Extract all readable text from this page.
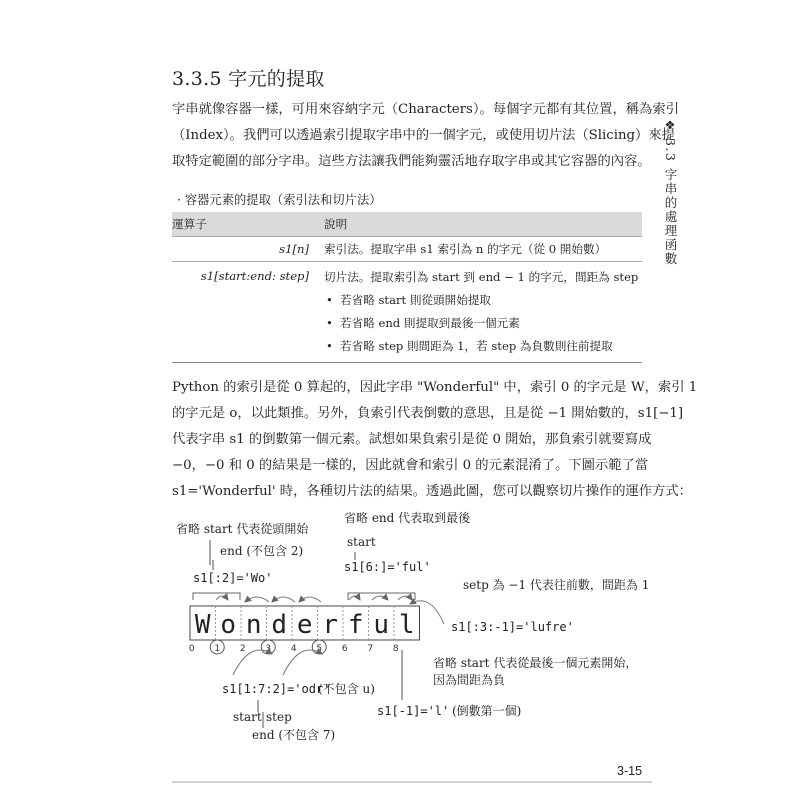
3.3.5 字元的提取
字串就像容器一樣，可用來容納字元（Characters）。每個字元都有其位置，稱為索引
（Index）。我們可以透過索引提取字串中的一個字元，或使用切片法（Slicing）來提
取特定範圍的部分字串。這些方法讓我們能夠靈活地存取字串或其它容器的內容。
❖
3.3 字串的處理函數
· 容器元素的提取（索引法和切片法）
運算子	說明
s1[n]	索引法。提取字串 s1 索引為 n 的字元（從 0 開始數）
s1[start:end: step]	切片法。提取索引為 start 到 end − 1 的字元，間距為 step
• 若省略 start 則從頭開始提取
• 若省略 end 則提取到最後一個元素
• 若省略 step 則間距為 1，若 step 為負數則往前提取
Python 的索引是從 0 算起的，因此字串 "Wonderful" 中，索引 0 的字元是 W，索引 1
的字元是 o，以此類推。另外，負索引代表倒數的意思，且是從 −1 開始數的，s1[−1]
代表字串 s1 的倒數第一個元素。試想如果負索引是從 0 開始，那負索引就要寫成
−0，−0 和 0 的結果是一樣的，因此就會和索引 0 的元素混淆了。下圖示範了當
s1='Wonderful' 時，各種切片法的結果。透過此圖，您可以觀察切片操作的運作方式：
省略 start 代表從頭開始
end (不包含 2)
省略 end 代表取到最後
start
setp 為 −1 代表往前數，間距為 1
省略 start 代表從最後一個元素開始，
因為間距為負
(不包含 u)
start step
end (不包含 7)
(倒數第一個)
s1[:2]='Wo'
s1[6:]='ful'
s1[:3:-1]='lufre'
s1[1:7:2]='odr'
s1[-1]='l'
W o n d e r f u l
0 1 2 3 4 5 6 7 8
3-15
